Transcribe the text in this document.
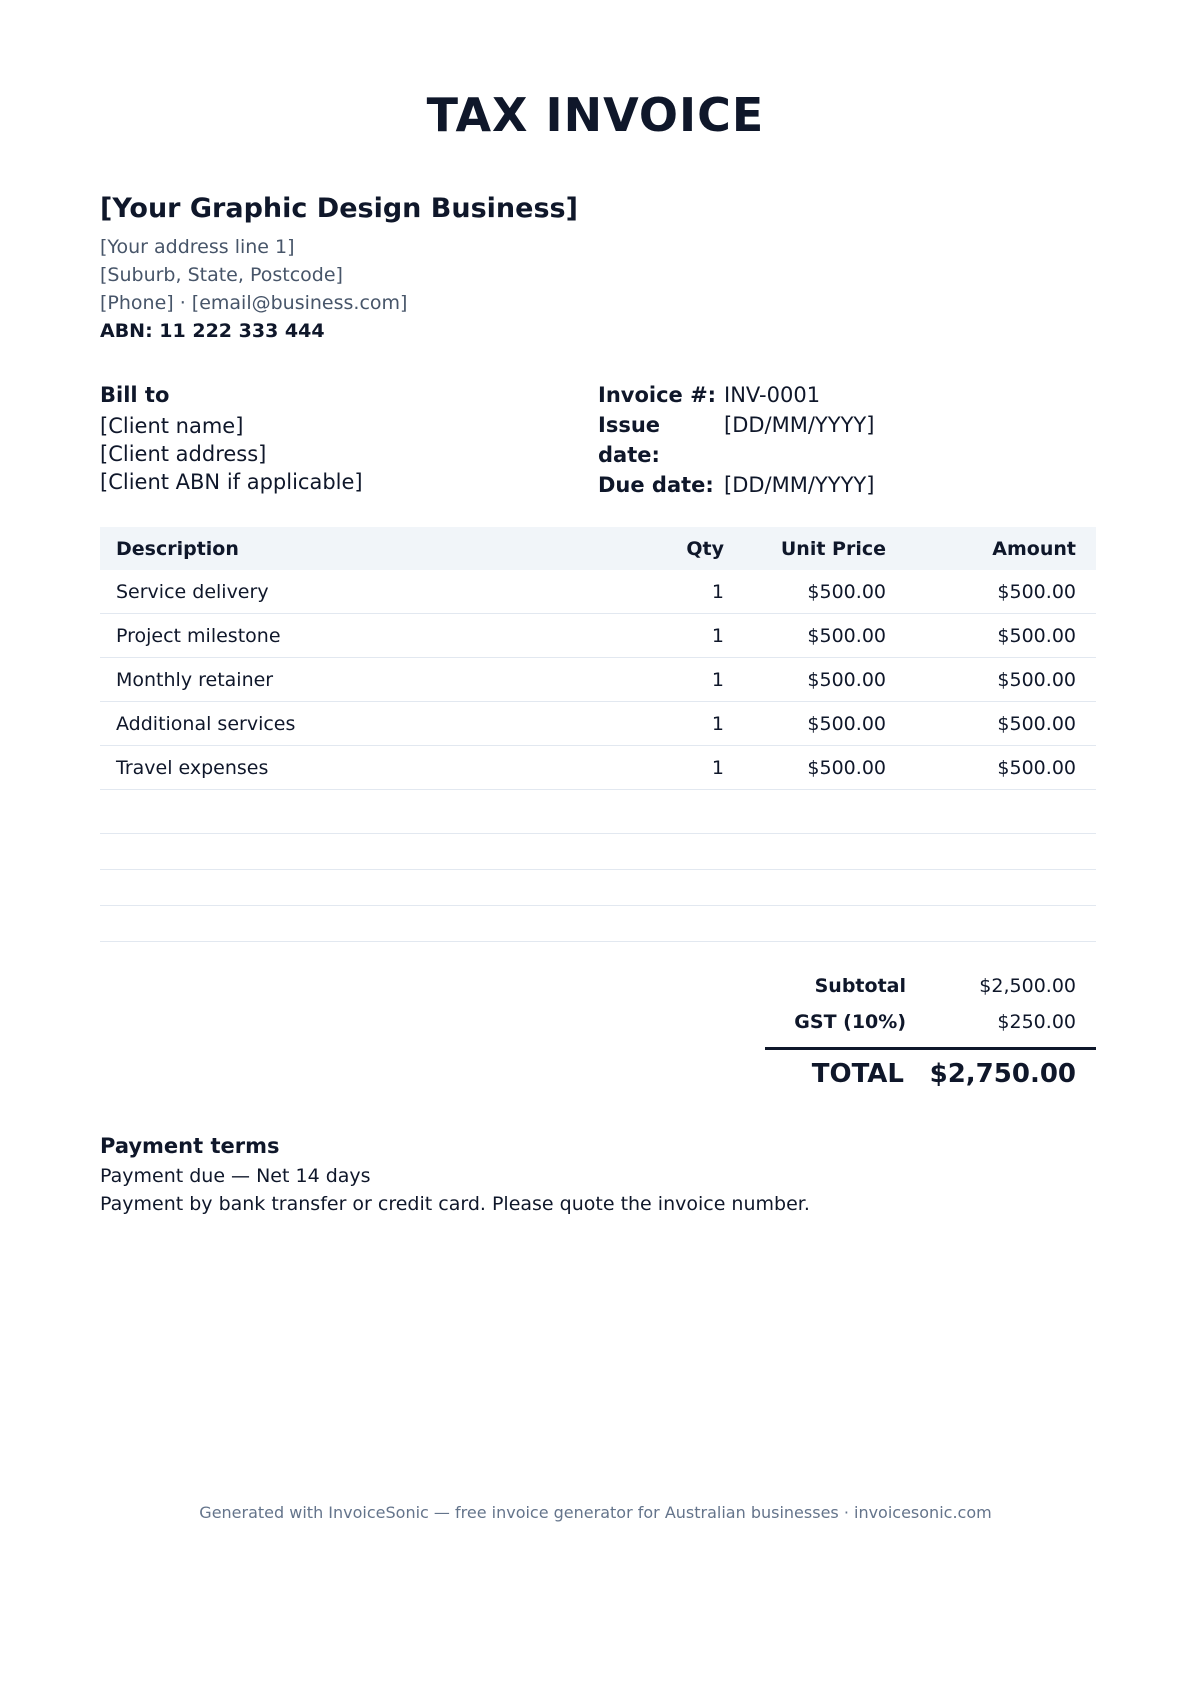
TAX INVOICE
[Your Graphic Design Business]
[Your address line 1]
[Suburb, State, Postcode]
[Phone] · [email@business.com]
ABN: 11 222 333 444
Bill to
[Client name]
[Client address]
[Client ABN if applicable]
Invoice #: INV-0001
Issue date:
[DD/MM/YYYY]
Due date: [DD/MM/YYYY]
Description	Qty	Unit Price	Amount
Service delivery	1	$500.00	$500.00
Project milestone	1	$500.00	$500.00
Monthly retainer	1	$500.00	$500.00
Additional services	1	$500.00	$500.00
Travel expenses	1	$500.00	$500.00
Subtotal	$2,500.00
GST (10%)	$250.00
TOTAL $2,750.00
Payment terms
Payment due — Net 14 days
Payment by bank transfer or credit card. Please quote the invoice number.
Generated with InvoiceSonic — free invoice generator for Australian businesses · invoicesonic.com
